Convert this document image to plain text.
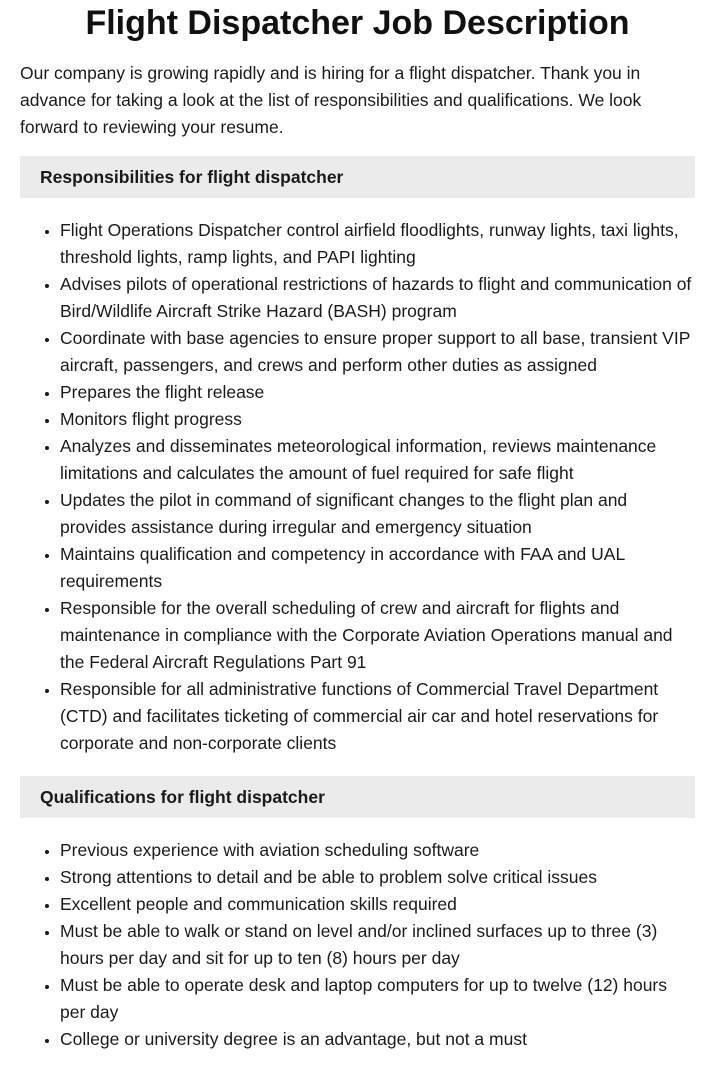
Flight Dispatcher Job Description

Our company is growing rapidly and is hiring for a flight dispatcher. Thank you in advance for taking a look at the list of responsibilities and qualifications. We look forward to reviewing your resume.

Responsibilities for flight dispatcher
• Flight Operations Dispatcher control airfield floodlights, runway lights, taxi lights, threshold lights, ramp lights, and PAPI lighting
• Advises pilots of operational restrictions of hazards to flight and communication of Bird/Wildlife Aircraft Strike Hazard (BASH) program
• Coordinate with base agencies to ensure proper support to all base, transient VIP aircraft, passengers, and crews and perform other duties as assigned
• Prepares the flight release
• Monitors flight progress
• Analyzes and disseminates meteorological information, reviews maintenance limitations and calculates the amount of fuel required for safe flight
• Updates the pilot in command of significant changes to the flight plan and provides assistance during irregular and emergency situation
• Maintains qualification and competency in accordance with FAA and UAL requirements
• Responsible for the overall scheduling of crew and aircraft for flights and maintenance in compliance with the Corporate Aviation Operations manual and the Federal Aircraft Regulations Part 91
• Responsible for all administrative functions of Commercial Travel Department (CTD) and facilitates ticketing of commercial air car and hotel reservations for corporate and non-corporate clients
Qualifications for flight dispatcher
• Previous experience with aviation scheduling software
• Strong attentions to detail and be able to problem solve critical issues
• Excellent people and communication skills required
• Must be able to walk or stand on level and/or inclined surfaces up to three (3) hours per day and sit for up to ten (8) hours per day
• Must be able to operate desk and laptop computers for up to twelve (12) hours per day
• College or university degree is an advantage, but not a must
